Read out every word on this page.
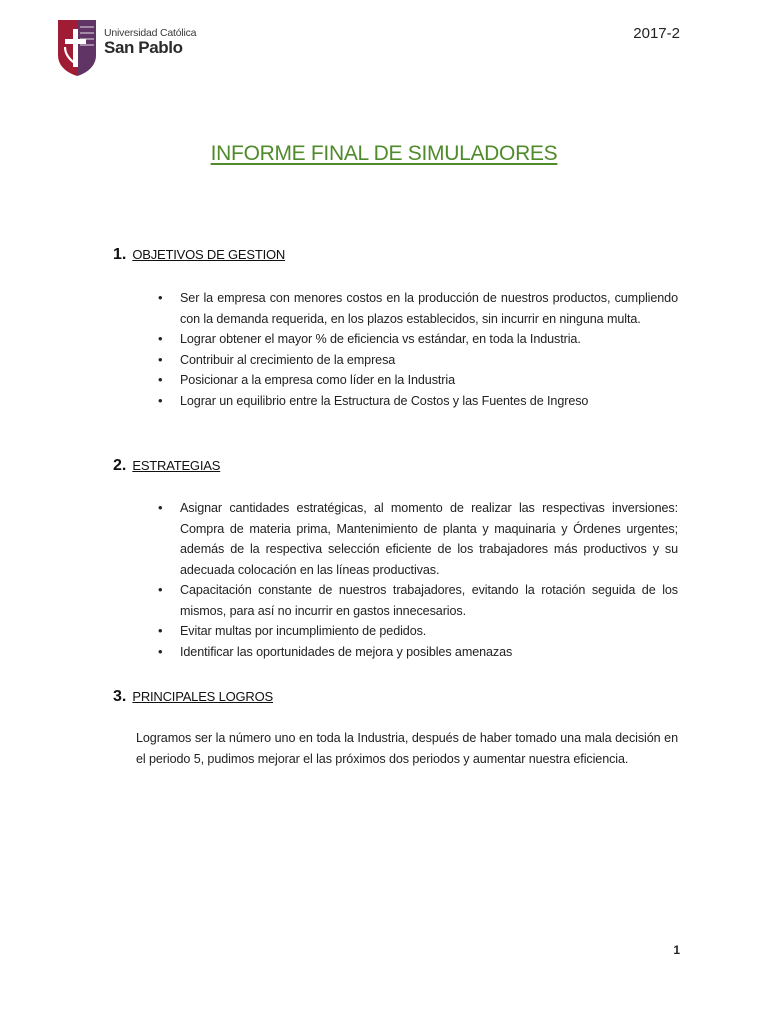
Universidad Católica
San Pablo
2017-2
INFORME FINAL DE SIMULADORES
1. OBJETIVOS DE GESTION
• Ser la empresa con menores costos en la producción de nuestros productos, cumpliendo con la demanda requerida, en los plazos establecidos, sin incurrir en ninguna multa.
• Lograr obtener el mayor % de eficiencia vs estándar, en toda la Industria.
• Contribuir al crecimiento de la empresa
• Posicionar a la empresa como líder en la Industria
• Lograr un equilibrio entre la Estructura de Costos y las Fuentes de Ingreso
2. ESTRATEGIAS
• Asignar cantidades estratégicas, al momento de realizar las respectivas inversiones: Compra de materia prima, Mantenimiento de planta y maquinaria y Órdenes urgentes; además de la respectiva selección eficiente de los trabajadores más productivos y su adecuada colocación en las líneas productivas.
• Capacitación constante de nuestros trabajadores, evitando la rotación seguida de los mismos, para así no incurrir en gastos innecesarios.
• Evitar multas por incumplimiento de pedidos.
• Identificar las oportunidades de mejora y posibles amenazas
3. PRINCIPALES LOGROS

Logramos ser la número uno en toda la Industria, después de haber tomado una mala decisión en el periodo 5, pudimos mejorar el las próximos dos periodos y aumentar nuestra eficiencia.

1
